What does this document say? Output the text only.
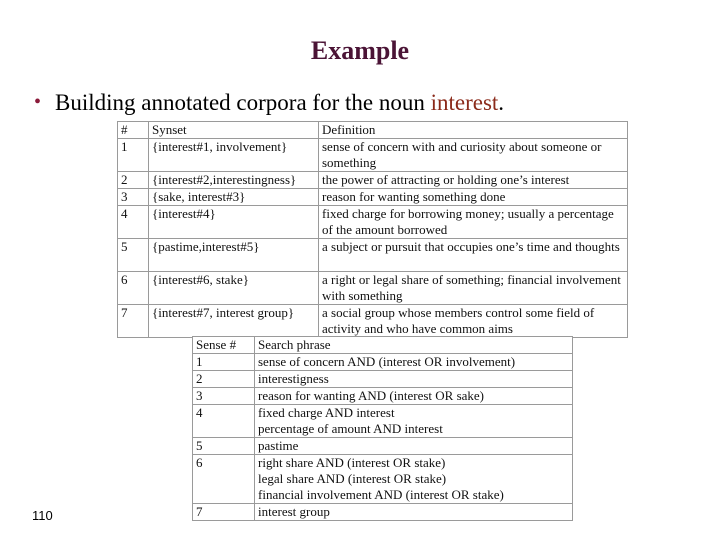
Example
• Building annotated corpora for the noun interest.
#	Synset	Definition
1	{interest#1, involvement}	sense of concern with and curiosity about someone or something
2	{interest#2,interestingness}	the power of attracting or holding one’s interest
3	{sake, interest#3}	reason for wanting something done
4	{interest#4}	fixed charge for borrowing money; usually a percentage of the amount borrowed
5	{pastime,interest#5}	a subject or pursuit that occupies one’s time and thoughts
6	{interest#6, stake}	a right or legal share of something; financial involvement with something
7	{interest#7, interest group}	a social group whose members control some field of activity and who have common aims
Sense #	Search phrase
1	sense of concern AND (interest OR involvement)
2	interestigness
3	reason for wanting AND (interest OR sake)
4	fixed charge AND interest
	percentage of amount AND interest
5	pastime
6	right share AND (interest OR stake)
	legal share AND (interest OR stake)
	financial involvement AND (interest OR stake)
7	interest group
110
